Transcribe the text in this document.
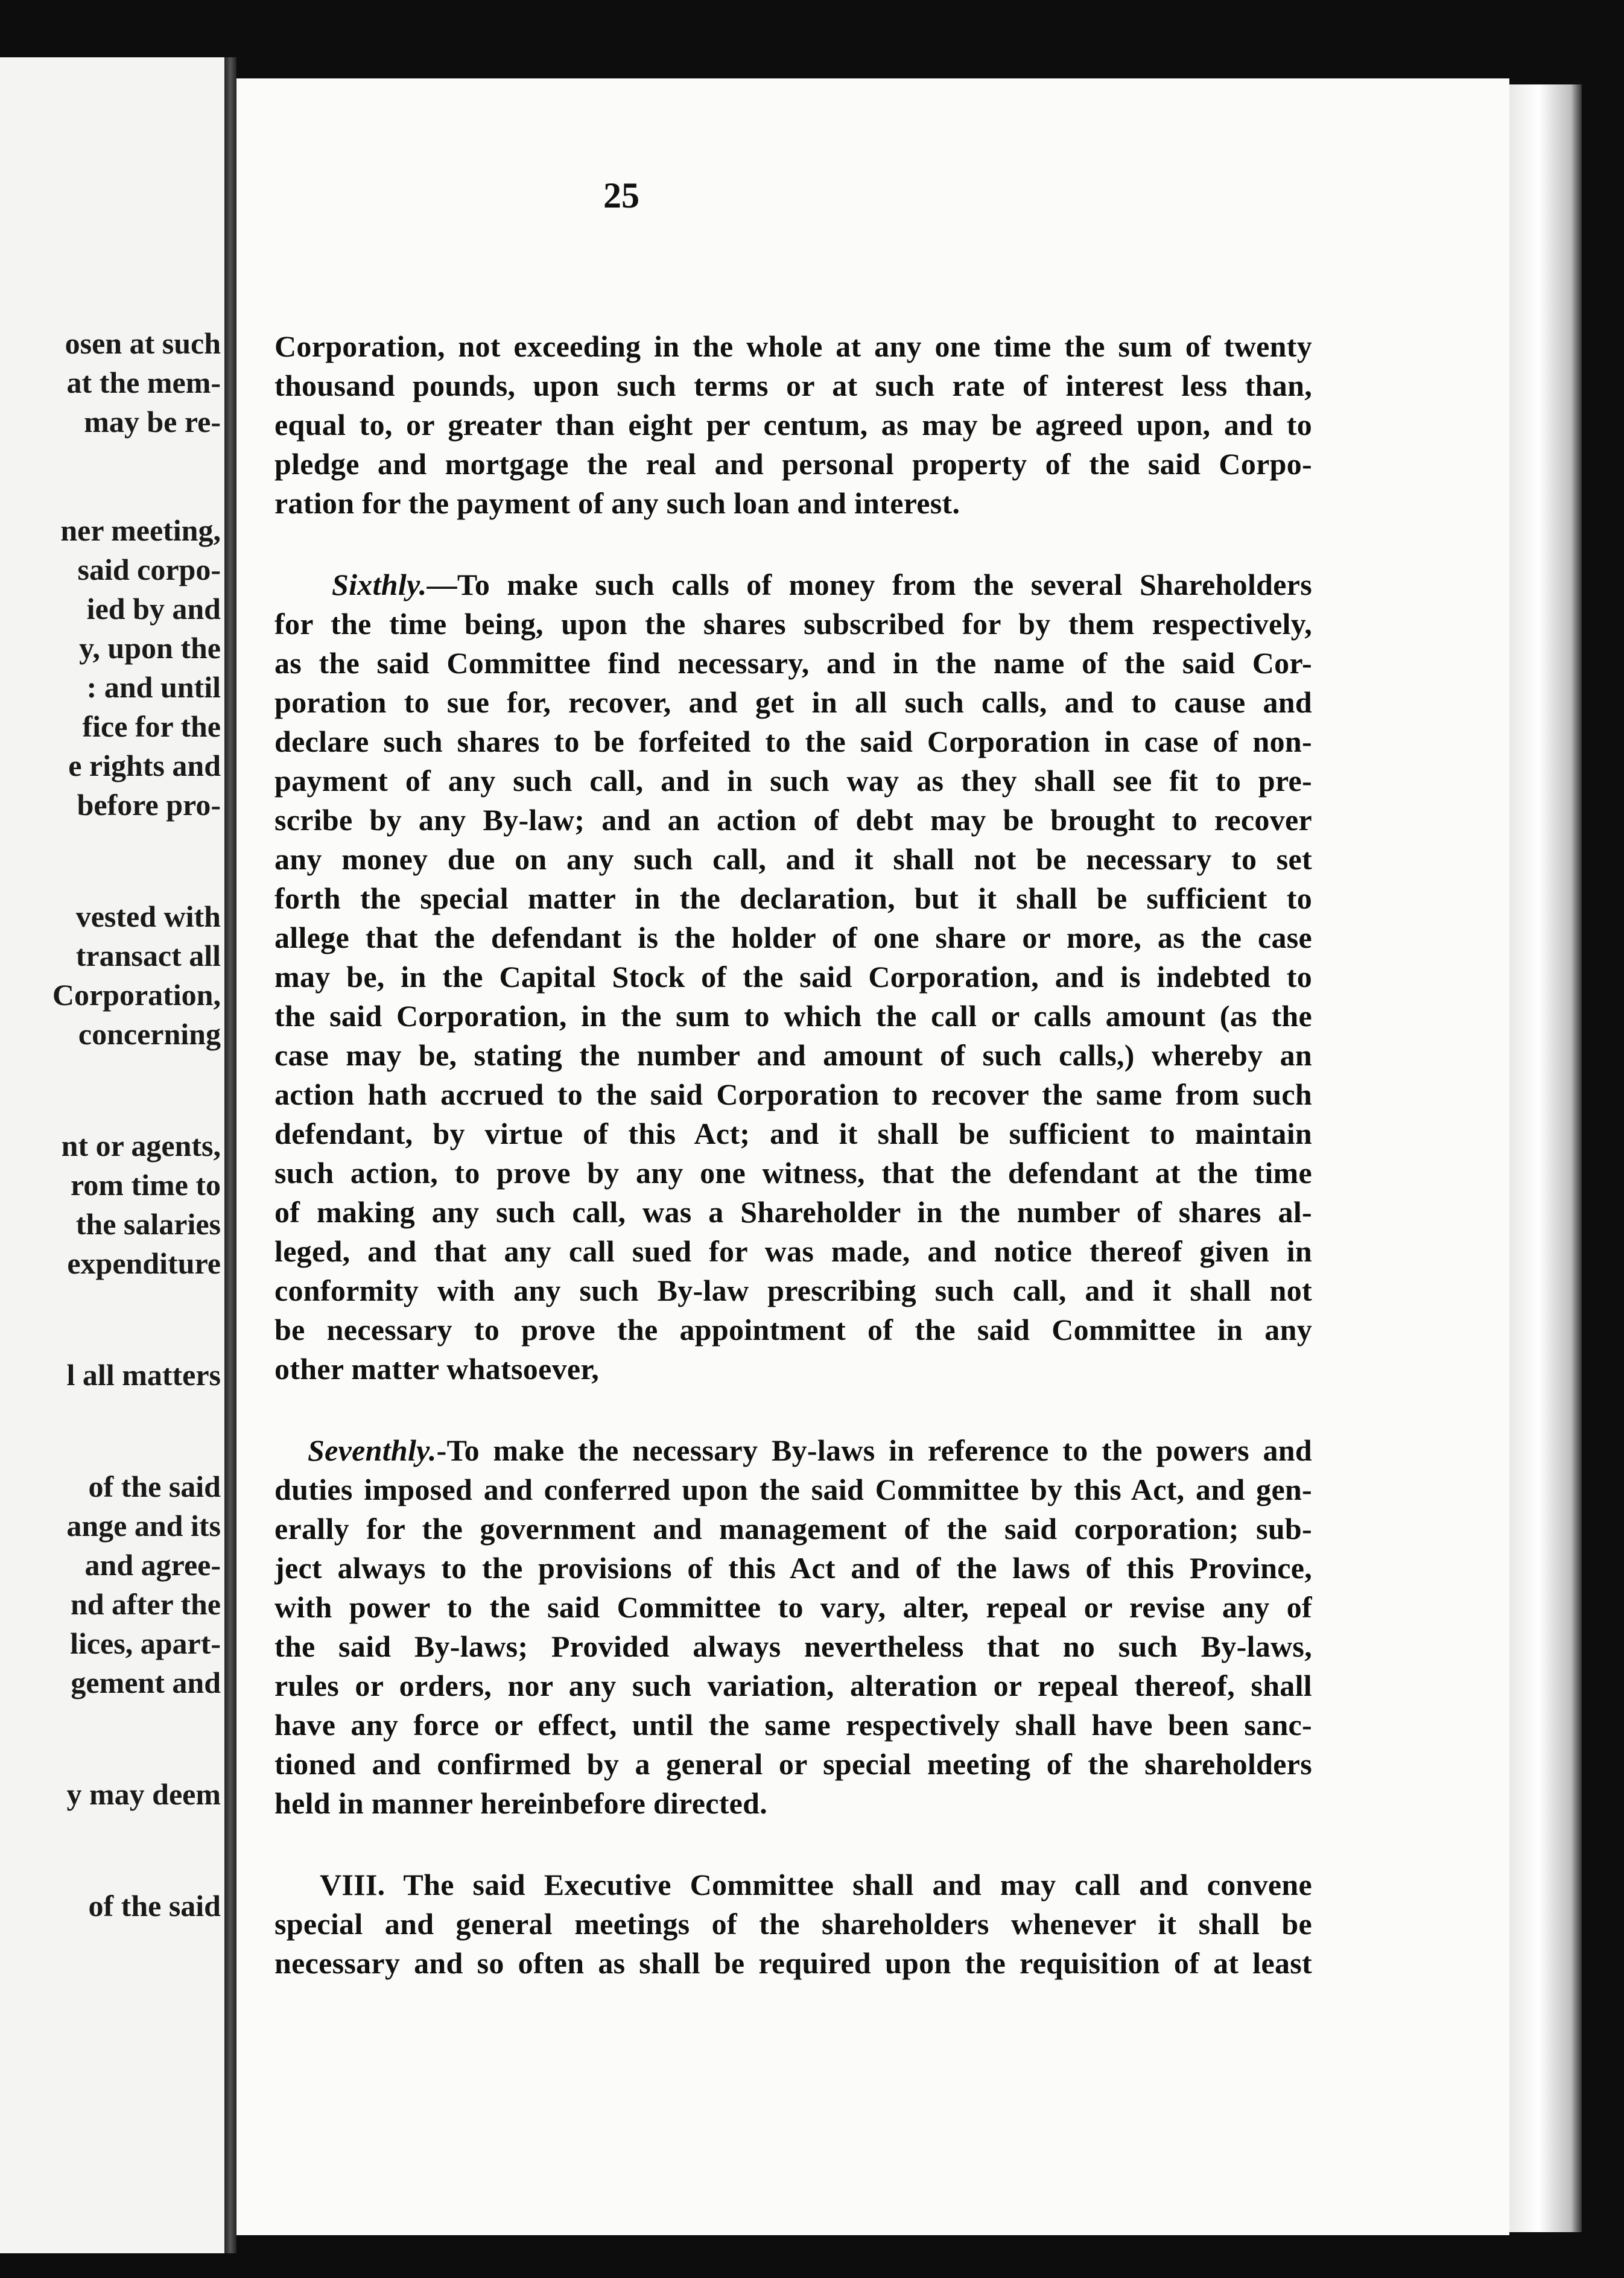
osen at such
at the mem-
may be re-
ner meeting,
said corpo-
ied by and
y, upon the
: and until
fice for the
e rights and
before pro-
vested with
transact all
Corporation,
concerning
nt or agents,
rom time to
the salaries
expenditure
l all matters
of the said
ange and its
and agree-
nd after the
lices, apart-
gement and
y may deem
of the said
25
Corporation, not exceeding in the whole at any one time the sum of twenty
thousand pounds, upon such terms or at such rate of interest less than,
equal to, or greater than eight per centum, as may be agreed upon, and to
pledge and mortgage the real and personal property of the said Corpo-
ration for the payment of any such loan and interest.
Sixthly.—To make such calls of money from the several Shareholders
for the time being, upon the shares subscribed for by them respectively,
as the said Committee find necessary, and in the name of the said Cor-
poration to sue for, recover, and get in all such calls, and to cause and
declare such shares to be forfeited to the said Corporation in case of non-
payment of any such call, and in such way as they shall see fit to pre-
scribe by any By-law; and an action of debt may be brought to recover
any money due on any such call, and it shall not be necessary to set
forth the special matter in the declaration, but it shall be sufficient to
allege that the defendant is the holder of one share or more, as the case
may be, in the Capital Stock of the said Corporation, and is indebted to
the said Corporation, in the sum to which the call or calls amount (as the
case may be, stating the number and amount of such calls,) whereby an
action hath accrued to the said Corporation to recover the same from such
defendant, by virtue of this Act; and it shall be sufficient to maintain
such action, to prove by any one witness, that the defendant at the time
of making any such call, was a Shareholder in the number of shares al-
leged, and that any call sued for was made, and notice thereof given in
conformity with any such By-law prescribing such call, and it shall not
be necessary to prove the appointment of the said Committee in any
other matter whatsoever,
Seventhly.-To make the necessary By-laws in reference to the powers and
duties imposed and conferred upon the said Committee by this Act, and gen-
erally for the government and management of the said corporation; sub-
ject always to the provisions of this Act and of the laws of this Province,
with power to the said Committee to vary, alter, repeal or revise any of
the said By-laws; Provided always nevertheless that no such By-laws,
rules or orders, nor any such variation, alteration or repeal thereof, shall
have any force or effect, until the same respectively shall have been sanc-
tioned and confirmed by a general or special meeting of the shareholders
held in manner hereinbefore directed.
VIII. The said Executive Committee shall and may call and convene
special and general meetings of the shareholders whenever it shall be
necessary and so often as shall be required upon the requisition of at least
